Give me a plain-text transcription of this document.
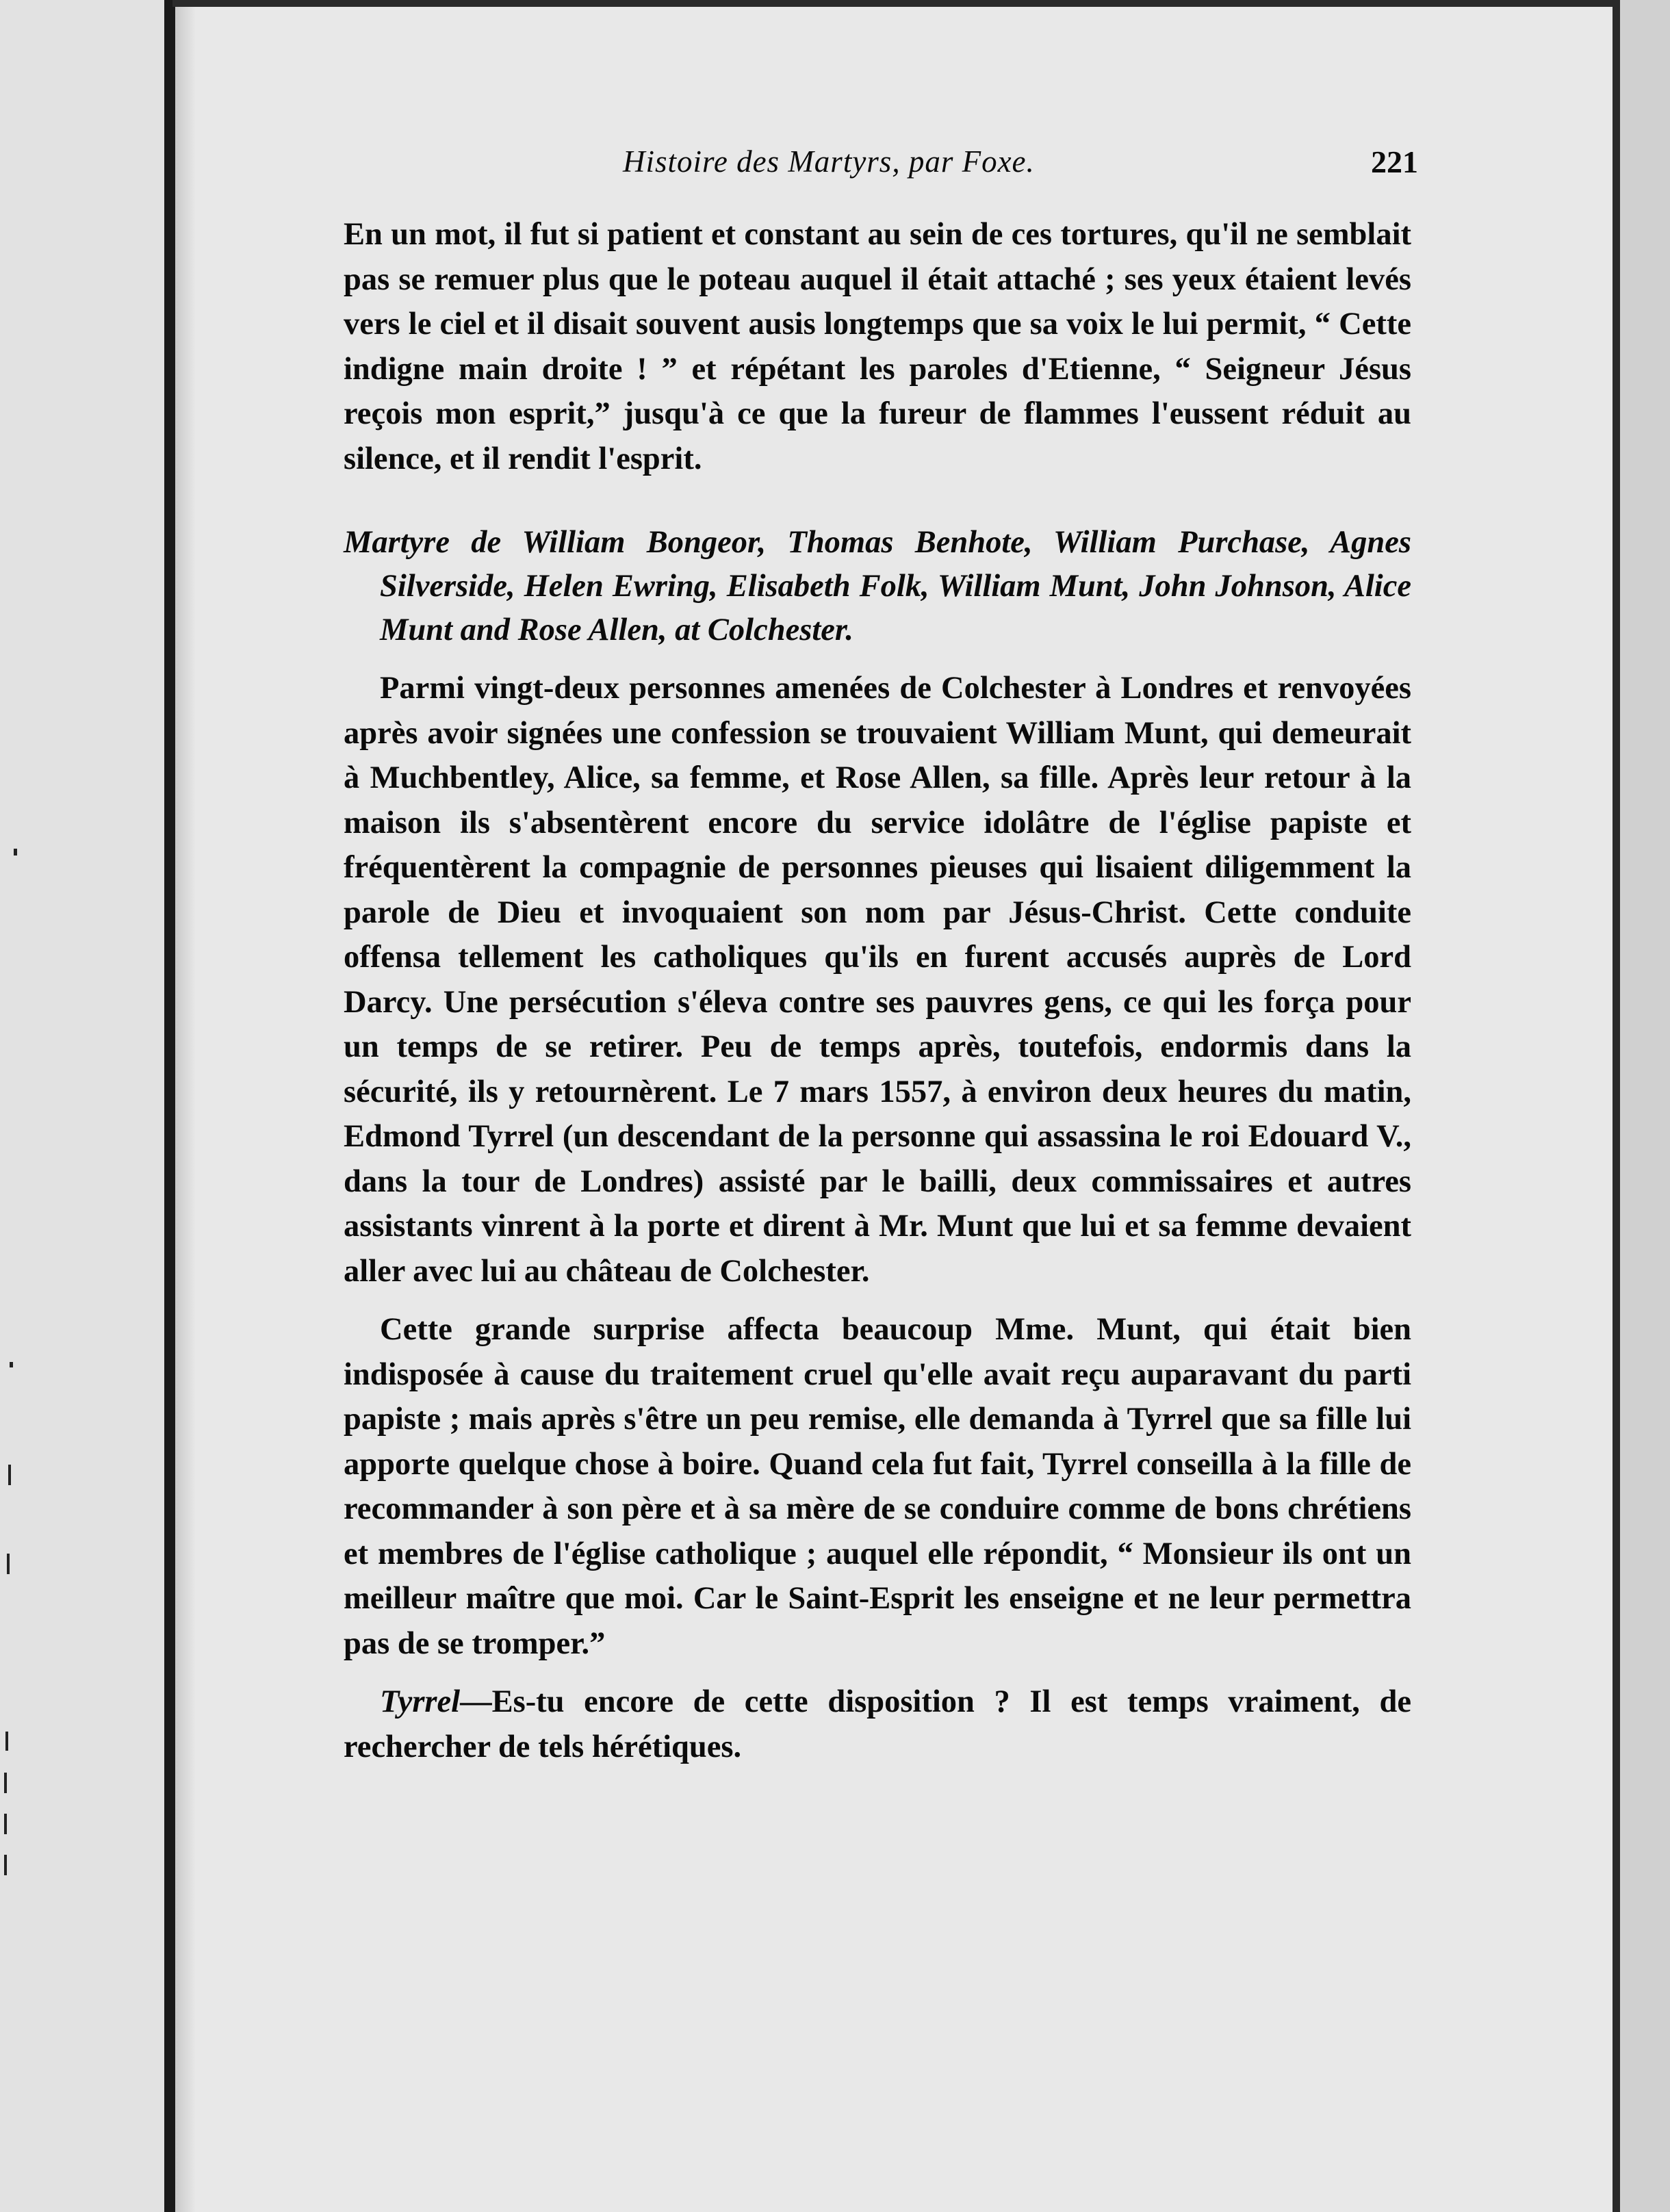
Histoire des Martyrs, par Foxe.	221

En un mot, il fut si patient et constant au sein de ces tortures, qu'il ne semblait pas se remuer plus que le poteau auquel il était attaché ; ses yeux étaient levés vers le ciel et il disait souvent ausis longtemps que sa voix le lui permit, “ Cette indigne main droite ! ” et répétant les paroles d'Etienne, “ Seigneur Jésus reçois mon esprit,” jusqu'à ce que la fureur de flammes l'eussent réduit au silence, et il rendit l'esprit.

Martyre de William Bongeor, Thomas Benhote, William Purchase, Agnes Silverside, Helen Ewring, Elisabeth Folk, William Munt, John Johnson, Alice Munt and Rose Allen, at Colchester.

Parmi vingt-deux personnes amenées de Colchester à Londres et renvoyées après avoir signées une confession se trouvaient William Munt, qui demeurait à Muchbentley, Alice, sa femme, et Rose Allen, sa fille. Après leur retour à la maison ils s'absentèrent encore du service idolâtre de l'église papiste et fréquentèrent la compagnie de personnes pieuses qui lisaient diligemment la parole de Dieu et invoquaient son nom par Jésus-Christ. Cette conduite offensa tellement les catholiques qu'ils en furent accusés auprès de Lord Darcy. Une persécution s'éleva contre ses pauvres gens, ce qui les força pour un temps de se retirer. Peu de temps après, toutefois, endormis dans la sécurité, ils y retournèrent. Le 7 mars 1557, à environ deux heures du matin, Edmond Tyrrel (un descendant de la personne qui assassina le roi Edouard V., dans la tour de Londres) assisté par le bailli, deux commissaires et autres assistants vinrent à la porte et dirent à Mr. Munt que lui et sa femme devaient aller avec lui au château de Colchester.

Cette grande surprise affecta beaucoup Mme. Munt, qui était bien indisposée à cause du traitement cruel qu'elle avait reçu auparavant du parti papiste ; mais après s'être un peu remise, elle demanda à Tyrrel que sa fille lui apporte quelque chose à boire. Quand cela fut fait, Tyrrel conseilla à la fille de recommander à son père et à sa mère de se conduire comme de bons chrétiens et membres de l'église catholique ; auquel elle répondit, “ Monsieur ils ont un meilleur maître que moi. Car le Saint-Esprit les enseigne et ne leur permettra pas de se tromper.”

Tyrrel—Es-tu encore de cette disposition ? Il est temps vraiment, de rechercher de tels hérétiques.
